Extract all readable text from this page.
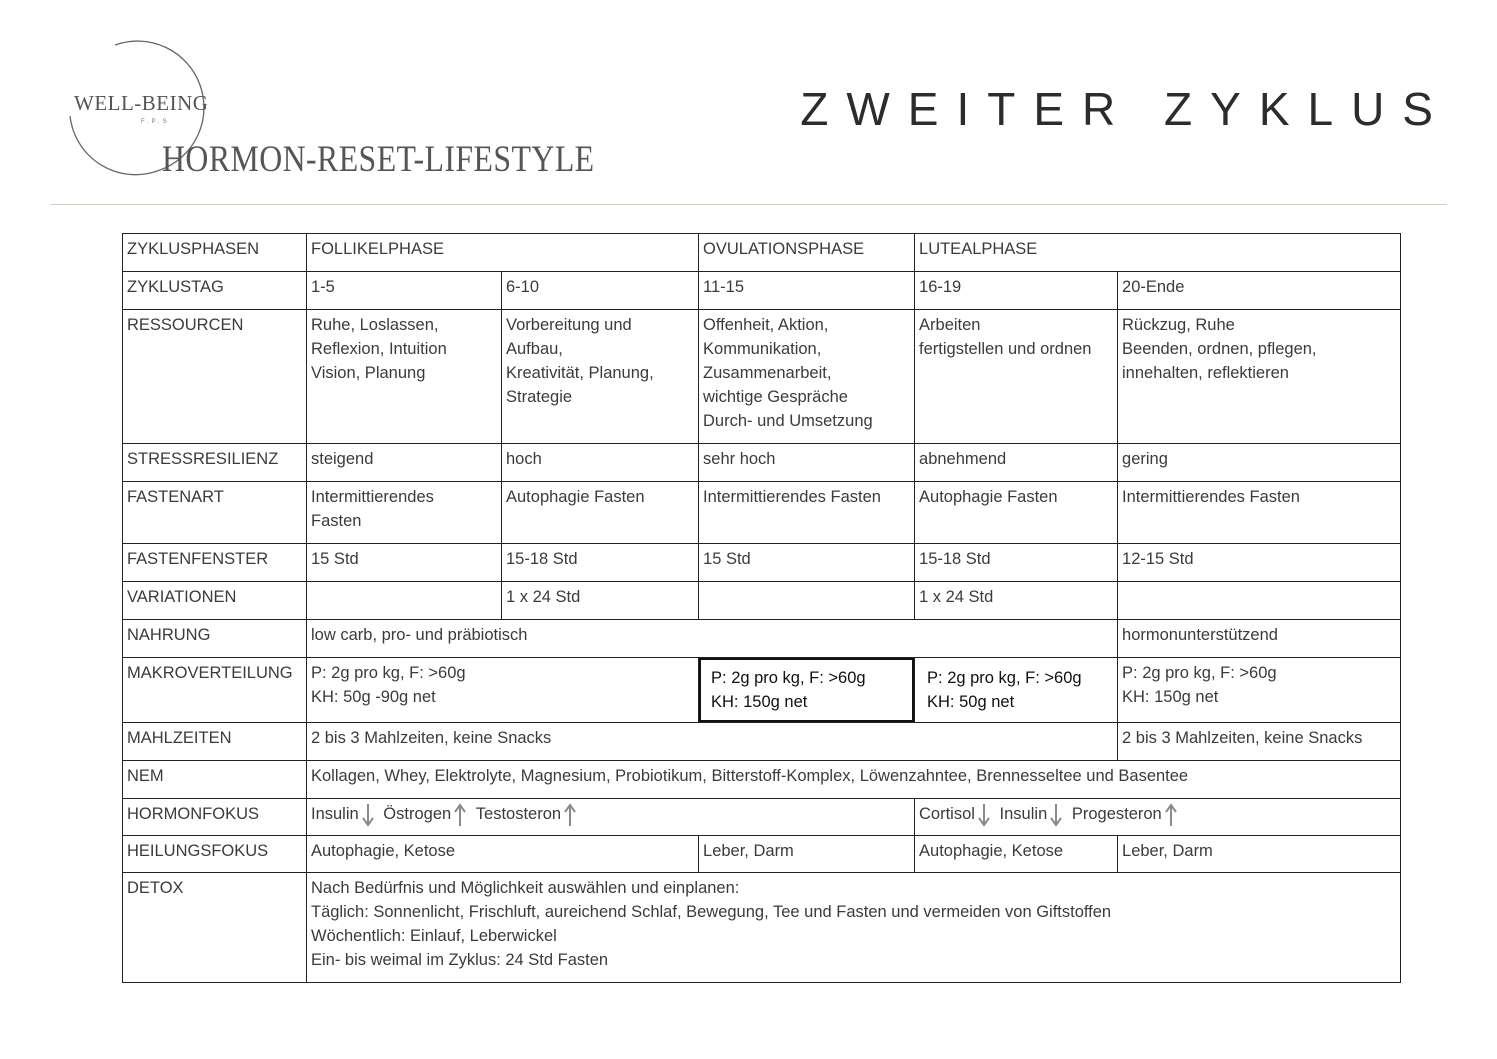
WELL-BEING
F.P.S
HORMON-RESET-LIFESTYLE
ZWEITER ZYKLUS
ZYKLUSPHASEN	FOLLIKELPHASE		OVULATIONSPHASE	LUTEALPHASE	
ZYKLUSTAG	1-5	6-10	11-15	16-19	20-Ende
RESSOURCEN	Ruhe, Loslassen,
Reflexion, Intuition
Vision, Planung	Vorbereitung und
Aufbau,
Kreativität, Planung,
Strategie	Offenheit, Aktion,
Kommunikation,
Zusammenarbeit,
wichtige Gespräche
Durch- und Umsetzung	Arbeiten
fertigstellen und ordnen	Rückzug, Ruhe
Beenden, ordnen, pflegen,
innehalten, reflektieren

STRESSRESILIENZ	steigend	hoch	sehr hoch	abnehmend	gering
FASTENART	Intermittierendes
Fasten	Autophagie Fasten	Intermittierendes Fasten	Autophagie Fasten	Intermittierendes Fasten
FASTENFENSTER	15 Std	15-18 Std	15 Std	15-18 Std	12-15 Std
VARIATIONEN		1 x 24 Std		1 x 24 Std	
NAHRUNG	low carb, pro- und präbiotisch				hormonunterstützend
MAKROVERTEILUNG	P: 2g pro kg, F: >60g
KH: 50g -90g net		P: 2g pro kg, F: >60g
KH: 150g net	P: 2g pro kg, F: >60g
KH: 50g net	P: 2g pro kg, F: >60g
KH: 150g net

MAHLZEITEN	2 bis 3 Mahlzeiten, keine Snacks				2 bis 3 Mahlzeiten, keine Snacks
NEM	Kollagen, Whey, Elektrolyte, Magnesium, Probiotikum, Bitterstoff-Komplex, Löwenzahntee, Brennesseltee und Basentee				
HORMONFOKUS	Insulin
Östrogen
Testosteron			Cortisol
Insulin
Progesteron	

HEILUNGSFOKUS	Autophagie, Ketose		Leber, Darm	Autophagie, Ketose	Leber, Darm
DETOX	Nach Bedürfnis und Möglichkeit auswählen und einplanen:
Täglich: Sonnenlicht, Frischluft, aureichend Schlaf, Bewegung, Tee und Fasten und vermeiden von Giftstoffen
Wöchentlich: Einlauf, Leberwickel
Ein- bis weimal im Zyklus: 24 Std Fasten				
